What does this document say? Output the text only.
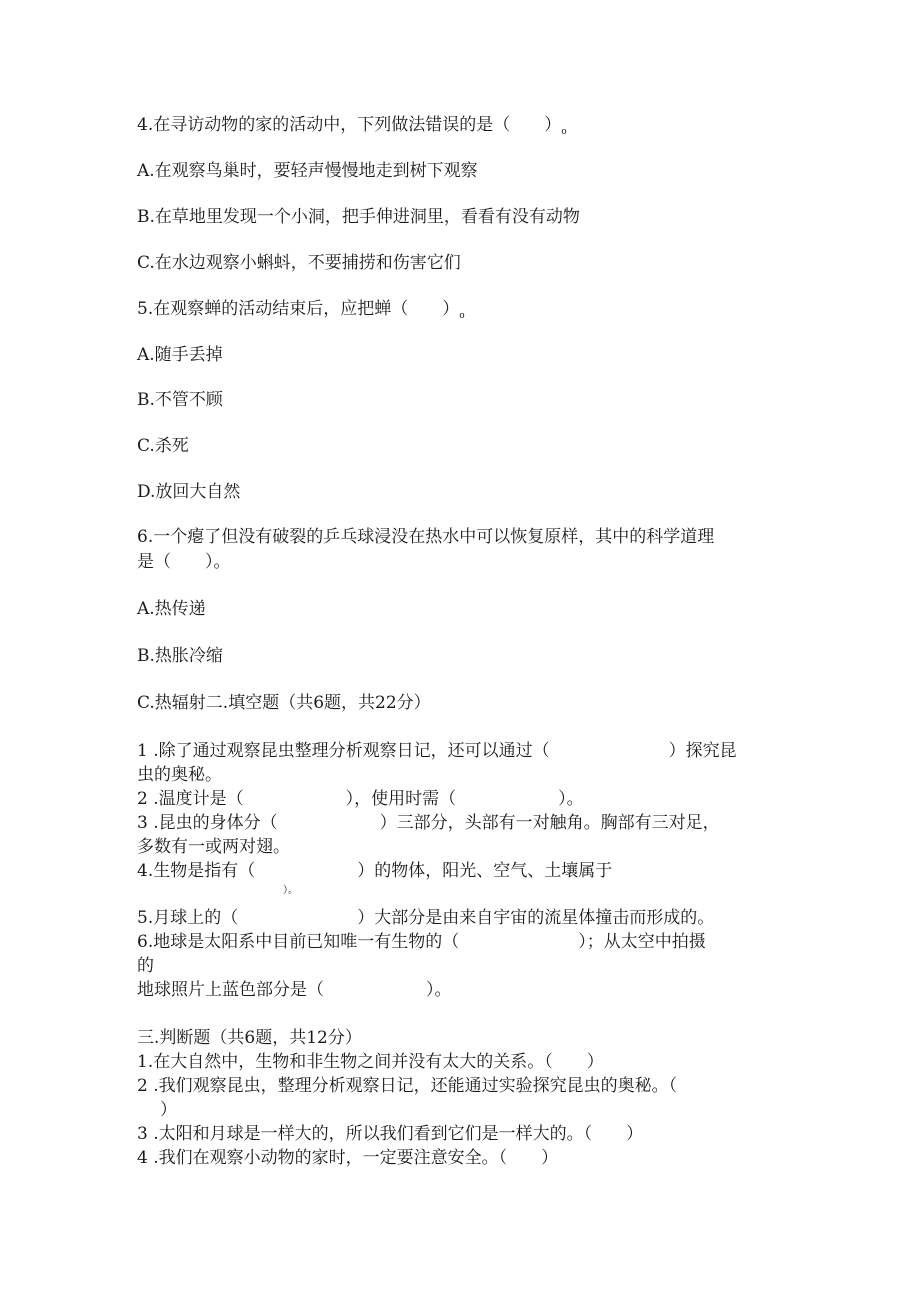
4.在寻访动物的家的活动中，下列做法错误的是（　　）$_o$
A.在观察鸟巢时，要轻声慢慢地走到树下观察
B.在草地里发现一个小洞，把手伸进洞里，看看有没有动物
C.在水边观察小蝌蚪，不要捕捞和伤害它们
5.在观察蝉的活动结束后，应把蝉（　　）$_o$
A.随手丢掉
B.不管不顾
C.杀死
D.放回大自然
6.一个瘪了但没有破裂的乒乓球浸没在热水中可以恢复原样，其中的科学道理
是（　　）。
A.热传递
B.热胀冷缩
C.热辐射二.填空题（共6题，共22分）
1 .除了通过观察昆虫整理分析观察日记，还可以通过（　　　　　　　）探究昆
虫的奥秘。
2 .温度计是（　　　　　　），使用时需（　　　　　　）。
3 .昆虫的身体分（　　　　　　）三部分，头部有一对触角。胸部有三对足，
多数有一或两对翅。
4.生物是指有（　　　　　　）的物体，阳光、空气、土壤属于
）。
5.月球上的（　　　　　　　）大部分是由来自宇宙的流星体撞击而形成的。
6.地球是太阳系中目前已知唯一有生物的（　　　　　　　）；从太空中拍摄
的
地球照片上蓝色部分是（　　　　　　）。
三.判断题（共6题，共12分）
1.在大自然中，生物和非生物之间并没有太大的关系。（　　）
2 .我们观察昆虫，整理分析观察日记，还能通过实验探究昆虫的奥秘。（
）
3 .太阳和月球是一样大的，所以我们看到它们是一样大的。（　　）
4 .我们在观察小动物的家时，一定要注意安全。（　　）
